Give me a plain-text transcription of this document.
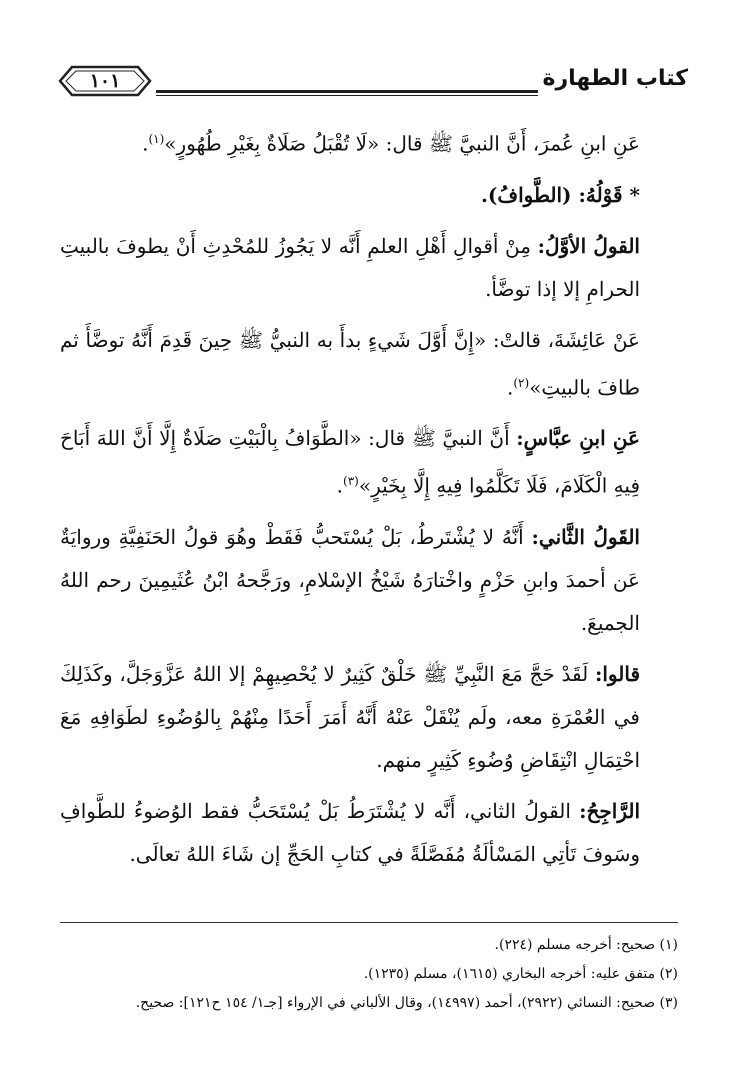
كتاب الطهارة
١٠١

عَنِ ابنِ عُمرَ، أَنَّ النبيَّ ﷺ قال: «لَا تُقْبَلُ صَلَاةٌ بِغَيْرِ طُهُورٍ»$^{(١)}$.

* قَوْلُهُ: (الطَّوافُ).

القولُ الأوَّلُ: مِنْ أقوالِ أَهْلِ العلمِ أَنَّه لا يَجُوزُ للمُحْدِثِ أَنْ يطوفَ بالبيتِ الحرامِ إلا إذا توضَّأ.

عَنْ عَائِشَةَ، قالتْ: «إِنَّ أَوَّلَ شَيءٍ بدأَ به النبيُّ ﷺ حِينَ قَدِمَ أَنَّهُ توضَّأَ ثم طافَ بالبيتِ»$^{(٢)}$.

عَنِ ابنِ عبَّاسٍ: أَنَّ النبيَّ ﷺ قال: «الطَّوَافُ بِالْبَيْتِ صَلَاةٌ إِلَّا أَنَّ اللهَ أَبَاحَ فِيهِ الْكَلَامَ، فَلَا تَكَلَّمُوا فِيهِ إِلَّا بِخَيْرٍ»$^{(٣)}$.

القَولُ الثَّاني: أَنَّهُ لا يُشْتَرطُ، بَلْ يُسْتَحبُّ فَقَطْ وهُوَ قولُ الحَنَفِيَّةِ وروايَةٌ عَن أحمدَ وابنِ حَزْمٍ واخْتارَهُ شَيْخُ الإسْلامِ، ورَجَّحهُ ابْنُ عُثَيمِينَ رحم اللهُ الجميعَ.

قالوا: لَقَدْ حَجَّ مَعَ النَّبِيِّ ﷺ خَلْقٌ كَثِيرٌ لا يُحْصِيهِمْ إلا اللهُ عَزَّوَجَلَّ، وكَذَلِكَ في العُمْرَةِ معه، ولَم يُنْقَلْ عَنْهُ أَنَّهُ أَمَرَ أَحَدًا مِنْهُمْ بِالوُضُوءِ لطَوَافِهِ مَعَ احْتِمَالِ انْتِقَاضِ وُضُوءِ كَثِيرٍ منهم.

الرَّاجِحُ: القولُ الثاني، أَنَّه لا يُشْتَرَطُ بَلْ يُسْتَحَبُّ فقط الوُضوءُ للطَّوافِ وسَوفَ تَأتِي المَسْألَةُ مُفَصَّلَةً في كتابِ الحَجِّ إن شَاءَ اللهُ تعالَى.

(١) صحيح: أخرجه مسلم (٢٢٤).

(٢) متفق عليه: أخرجه البخاري (١٦١٥)، مسلم (١٢٣٥).

(٣) صحيح: النسائي (٢٩٢٢)، أحمد (١٤٩٩٧)، وقال الألباني في الإرواء [جـ١/ ١٥٤ ح١٢١]: صحيح.
